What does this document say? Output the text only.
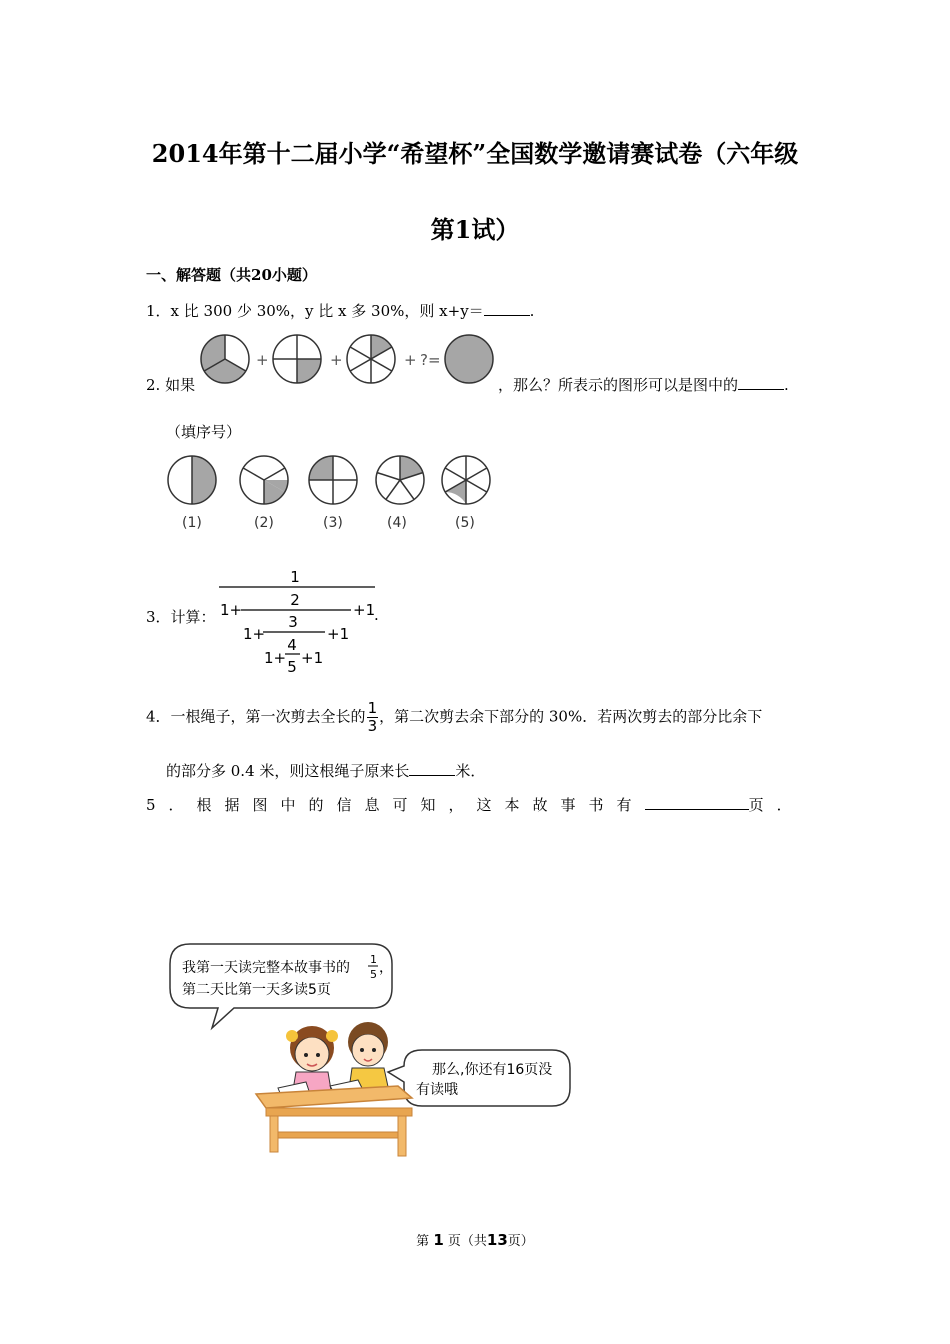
2014年第十二届小学“希望杯”全国数学邀请赛试卷（六年级
第1试）
一、解答题（共20小题）
1．x 比 300 少 30%，y 比 x 多 30%，则 x+y＝	.
2. 如果
+	+	+ ?=
，那么？所表示的图形可以是图中的	.
（填序号）
(1)	(2)	(3)	(4)	(5)
3．计算：
1
1+
2
+1
1+
3
+1
1+
4
5 +1
.
4．一根绳子，第一次剪去全长的 $\frac{1}{3}$ ，第二次剪去余下部分的 30%．若两次剪去的部分比余下
的部分多 0.4 米，则这根绳子原来长	米．
5．根据图中的信息可知，这本故事书有	页．
我第一天读完整本故事书的
1
5 ，
第二天比第一天多读5页
那么,你还有16页没
有读哦
第 1 页（共13页）
